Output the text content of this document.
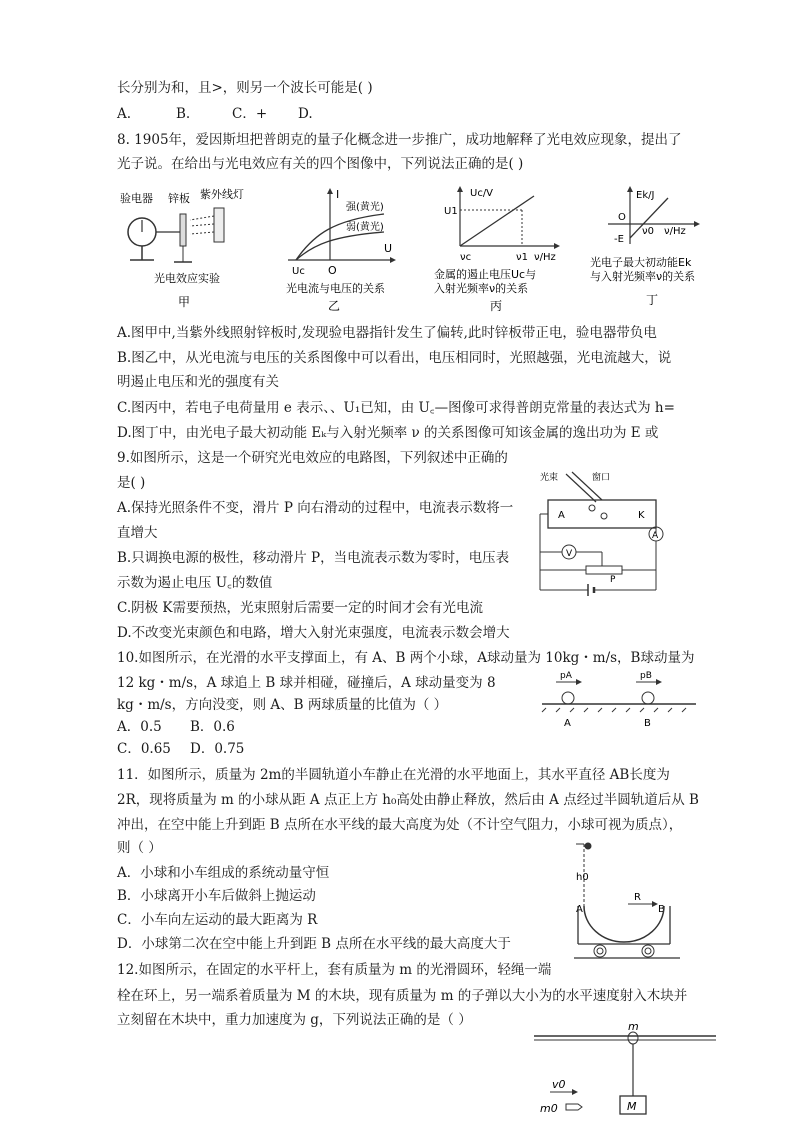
长分别为和，且>，则另一个波长可能是( )
A.	B.	C．+ D.
8. 1905年，爱因斯坦把普朗克的量子化概念进一步推广，成功地解释了光电效应现象，提出了
光子说。在给出与光电效应有关的四个图像中，下列说法正确的是( )
验电器 锌板 紫外线灯
光电效应实验
甲
I
U
O
Uc
强(黄光)
弱(黄光)
光电流与电压的关系
乙
Uc/V
U1
νc	ν1 ν/Hz
金属的遏止电压Uc与
入射光频率ν的关系
丙
Ek/J
O
ν0 ν/Hz
-E
光电子最大初动能Ek
与入射光频率ν的关系
丁
A.图甲中,当紫外线照射锌板时,发现验电器指针发生了偏转,此时锌板带正电，验电器带负电
B.图乙中，从光电流与电压的关系图像中可以看出，电压相同时，光照越强，光电流越大，说
明遏止电压和光的强度有关
C.图丙中，若电子电荷量用 e 表示、、U₁已知，由 U꜀—图像可求得普朗克常量的表达式为 h=
D.图丁中，由光电子最大初动能 Eₖ与入射光频率 ν 的关系图像可知该金属的逸出功为 E 或
9.如图所示，这是一个研究光电效应的电路图，下列叙述中正确的
是( )
A.保持光照条件不变，滑片 P 向右滑动的过程中，电流表示数将一
直增大
B.只调换电源的极性，移动滑片 P，当电流表示数为零时，电压表
示数为遏止电压 U꜀的数值
C.阴极 K需要预热，光束照射后需要一定的时间才会有光电流
D.不改变光束颜色和电路，增大入射光束强度，电流表示数会增大
光束	窗口
A	K
A
V
P
10.如图所示，在光滑的水平支撑面上，有 A、B 两个小球，A球动量为 10kg・m/s，B球动量为
12 kg・m/s，A 球追上 B 球并相碰，碰撞后，A 球动量变为 8
kg・m/s，方向没变，则 A、B 两球质量的比值为（ ）
A．0.5 B．0.6
C．0.65 D．0.75
pA	pB
A	B
11．如图所示，质量为 2m的半圆轨道小车静止在光滑的水平地面上，其水平直径 AB长度为
2R，现将质量为 m 的小球从距 A 点正上方 h₀高处由静止释放，然后由 A 点经过半圆轨道后从 B
冲出，在空中能上升到距 B 点所在水平线的最大高度为处（不计空气阻力，小球可视为质点），
则（ ）
A．小球和小车组成的系统动量守恒
B．小球离开小车后做斜上抛运动
C．小车向左运动的最大距离为 R
D．小球第二次在空中能上升到距 B 点所在水平线的最大高度大于
h0
A	B
R
12.如图所示，在固定的水平杆上，套有质量为 m 的光滑圆环，轻绳一端
栓在环上，另一端系着质量为 M 的木块，现有质量为 m 的子弹以大小为的水平速度射入木块并
立刻留在木块中，重力加速度为 g，下列说法正确的是（ ）	m
v0
m0	M
